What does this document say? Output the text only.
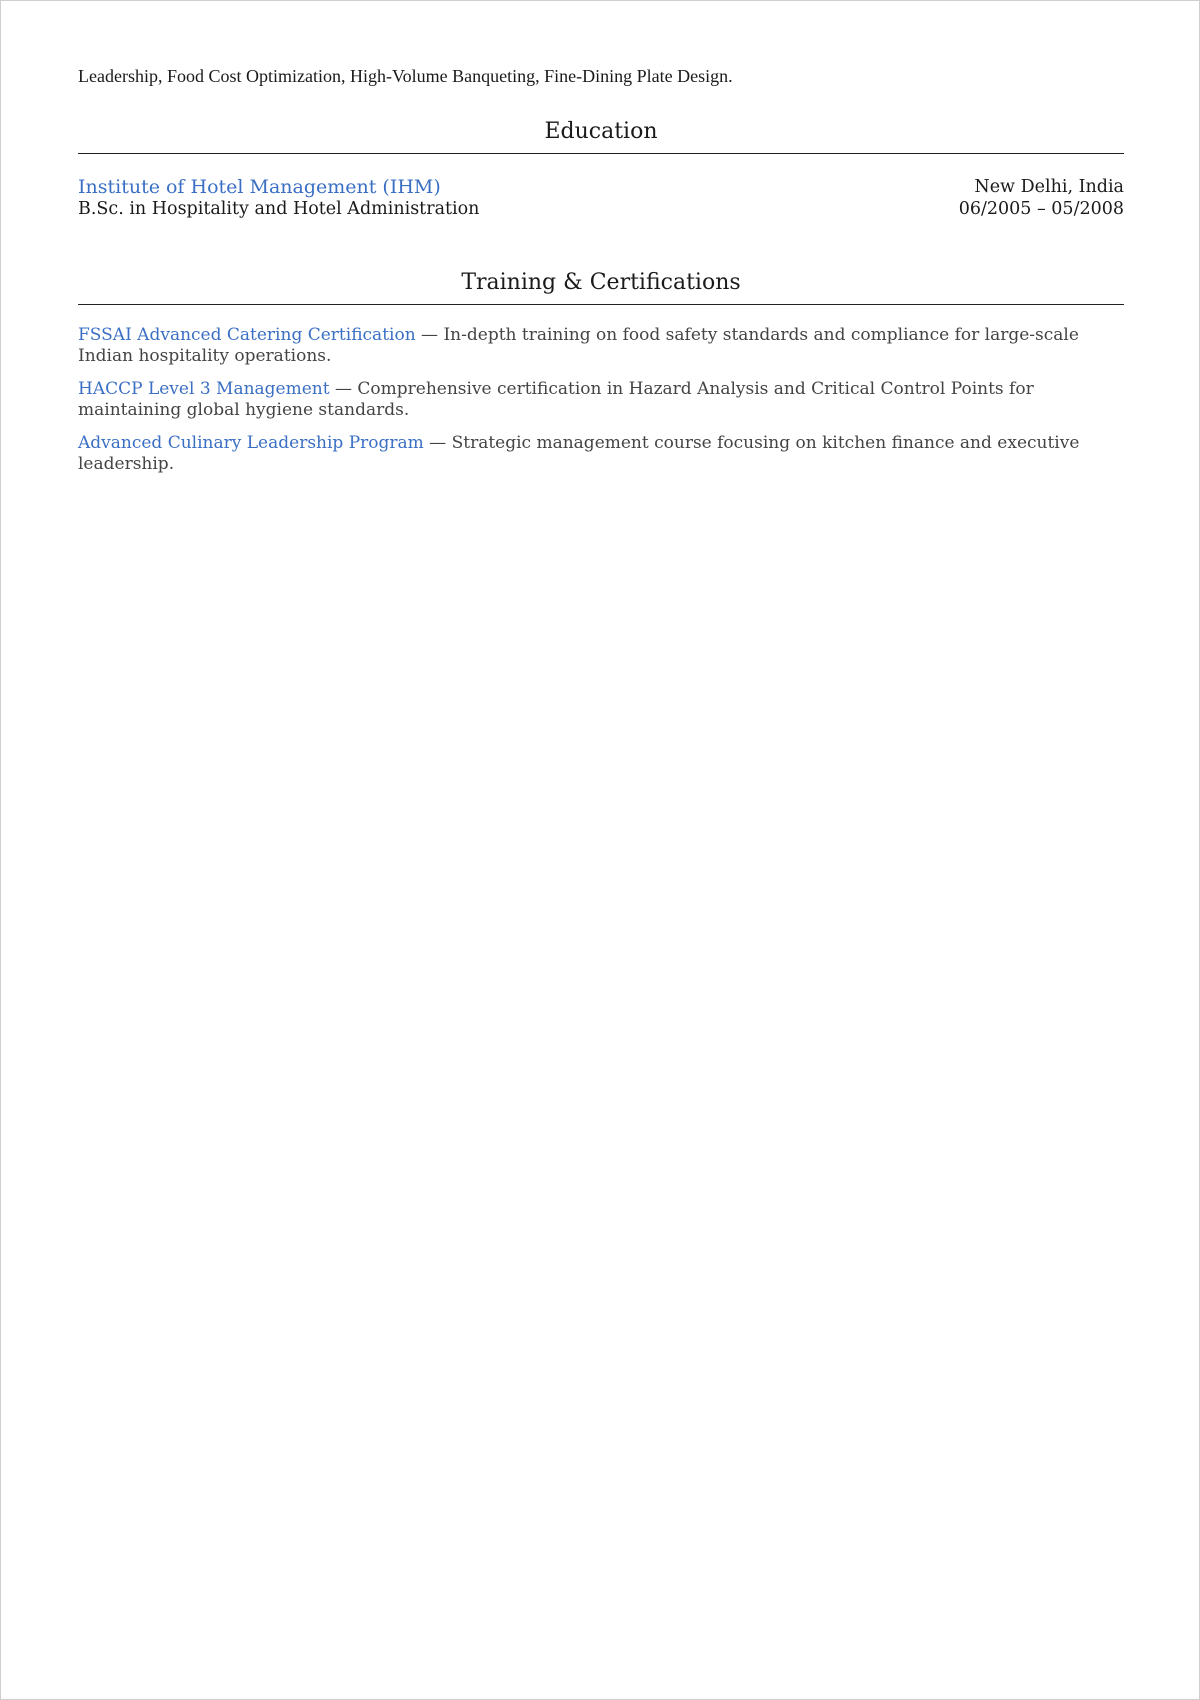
Leadership, Food Cost Optimization, High-Volume Banqueting, Fine-Dining Plate Design.

Education
Institute of Hotel Management (IHM)
B.Sc. in Hospitality and Hotel Administration
New Delhi, India
06/2005 – 05/2008
Training & Certifications

FSSAI Advanced Catering Certification — In-depth training on food safety standards and compliance for large-scale Indian hospitality operations.

HACCP Level 3 Management — Comprehensive certification in Hazard Analysis and Critical Control Points for maintaining global hygiene standards.

Advanced Culinary Leadership Program — Strategic management course focusing on kitchen finance and executive leadership.
